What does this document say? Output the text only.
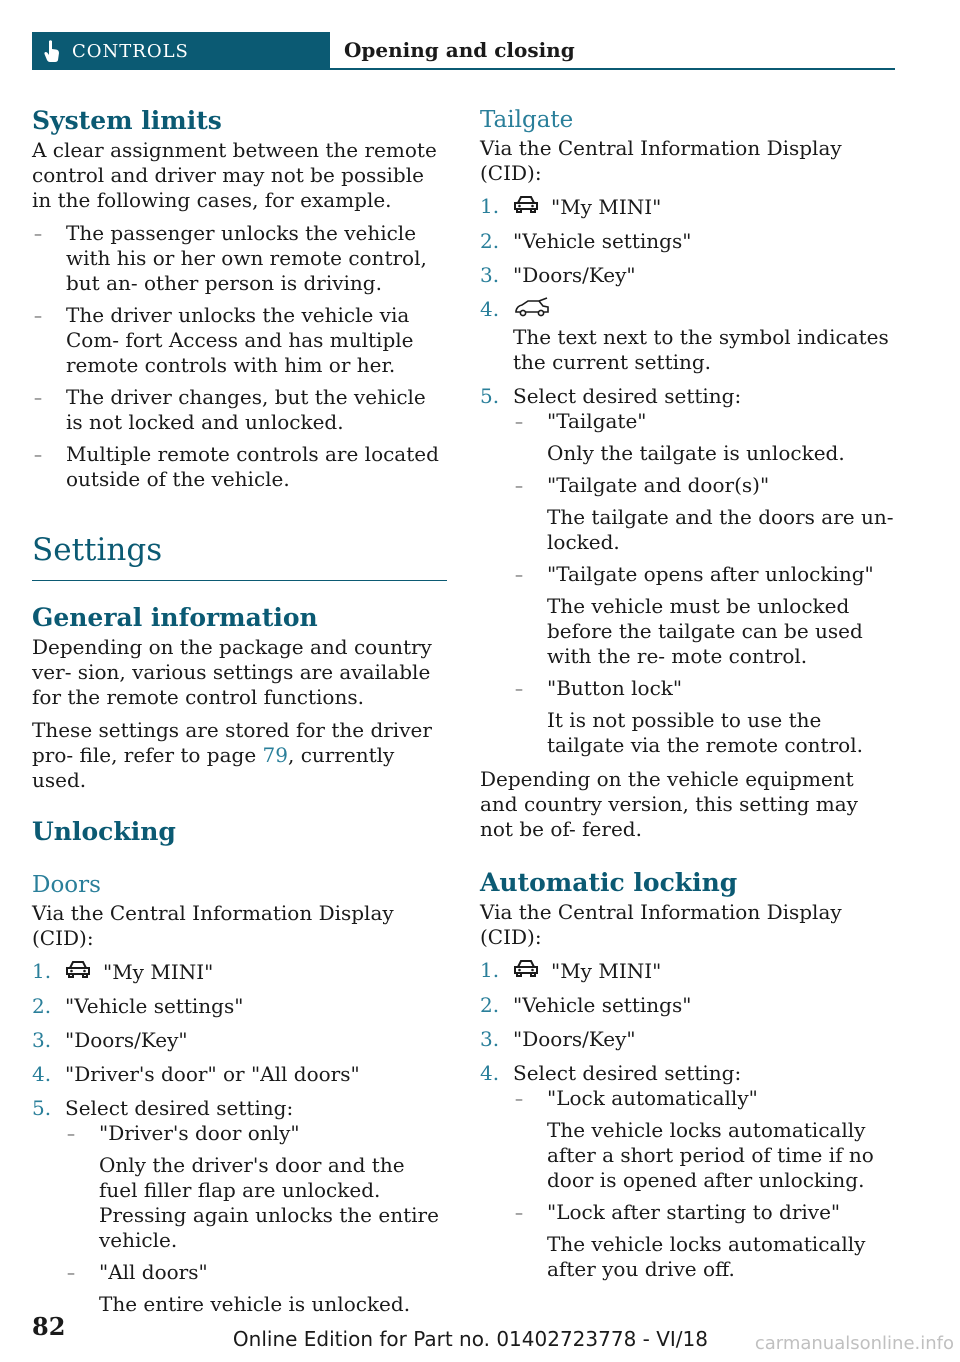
CONTROLS	Opening and closing
System limits

A clear assignment between the remote control and driver may not be possible in the following cases, for example.

– The passenger unlocks the vehicle with his or her own remote control, but an- other person is driving.
– The driver unlocks the vehicle via Com- fort Access and has multiple remote controls with him or her.
– The driver changes, but the vehicle is not locked and unlocked.
– Multiple remote controls are located outside of the vehicle.
Settings
General information

Depending on the package and country ver- sion, various settings are available for the remote control functions.

These settings are stored for the driver pro- file, refer to page 79, currently used.

Unlocking
Doors

Via the Central Information Display (CID):

1.	"My MINI"
2. "Vehicle settings"
3. "Doors/Key"
4. "Driver's door" or "All doors"
5. Select desired setting:
– "Driver's door only"
Only the driver's door and the fuel filler flap are unlocked. Pressing again unlocks the entire vehicle.
– "All doors"
The entire vehicle is unlocked.
Tailgate

Via the Central Information Display (CID):

1.	"My MINI"
2. "Vehicle settings"
3. "Doors/Key"
4.
The text next to the symbol indicates the current setting.
5. Select desired setting:
– "Tailgate"
Only the tailgate is unlocked.
– "Tailgate and door(s)"
The tailgate and the doors are un- locked.
– "Tailgate opens after unlocking"
The vehicle must be unlocked before the tailgate can be used with the re- mote control.
– "Button lock"
It is not possible to use the tailgate via the remote control.

Depending on the vehicle equipment and country version, this setting may not be of- fered.

Automatic locking

Via the Central Information Display (CID):

1.	"My MINI"
2. "Vehicle settings"
3. "Doors/Key"
4. Select desired setting:
– "Lock automatically"
The vehicle locks automatically after a short period of time if no door is opened after unlocking.
– "Lock after starting to drive"
The vehicle locks automatically after you drive off.
82	Online Edition for Part no. 01402723778 - VI/18	carmanualsonline.info
